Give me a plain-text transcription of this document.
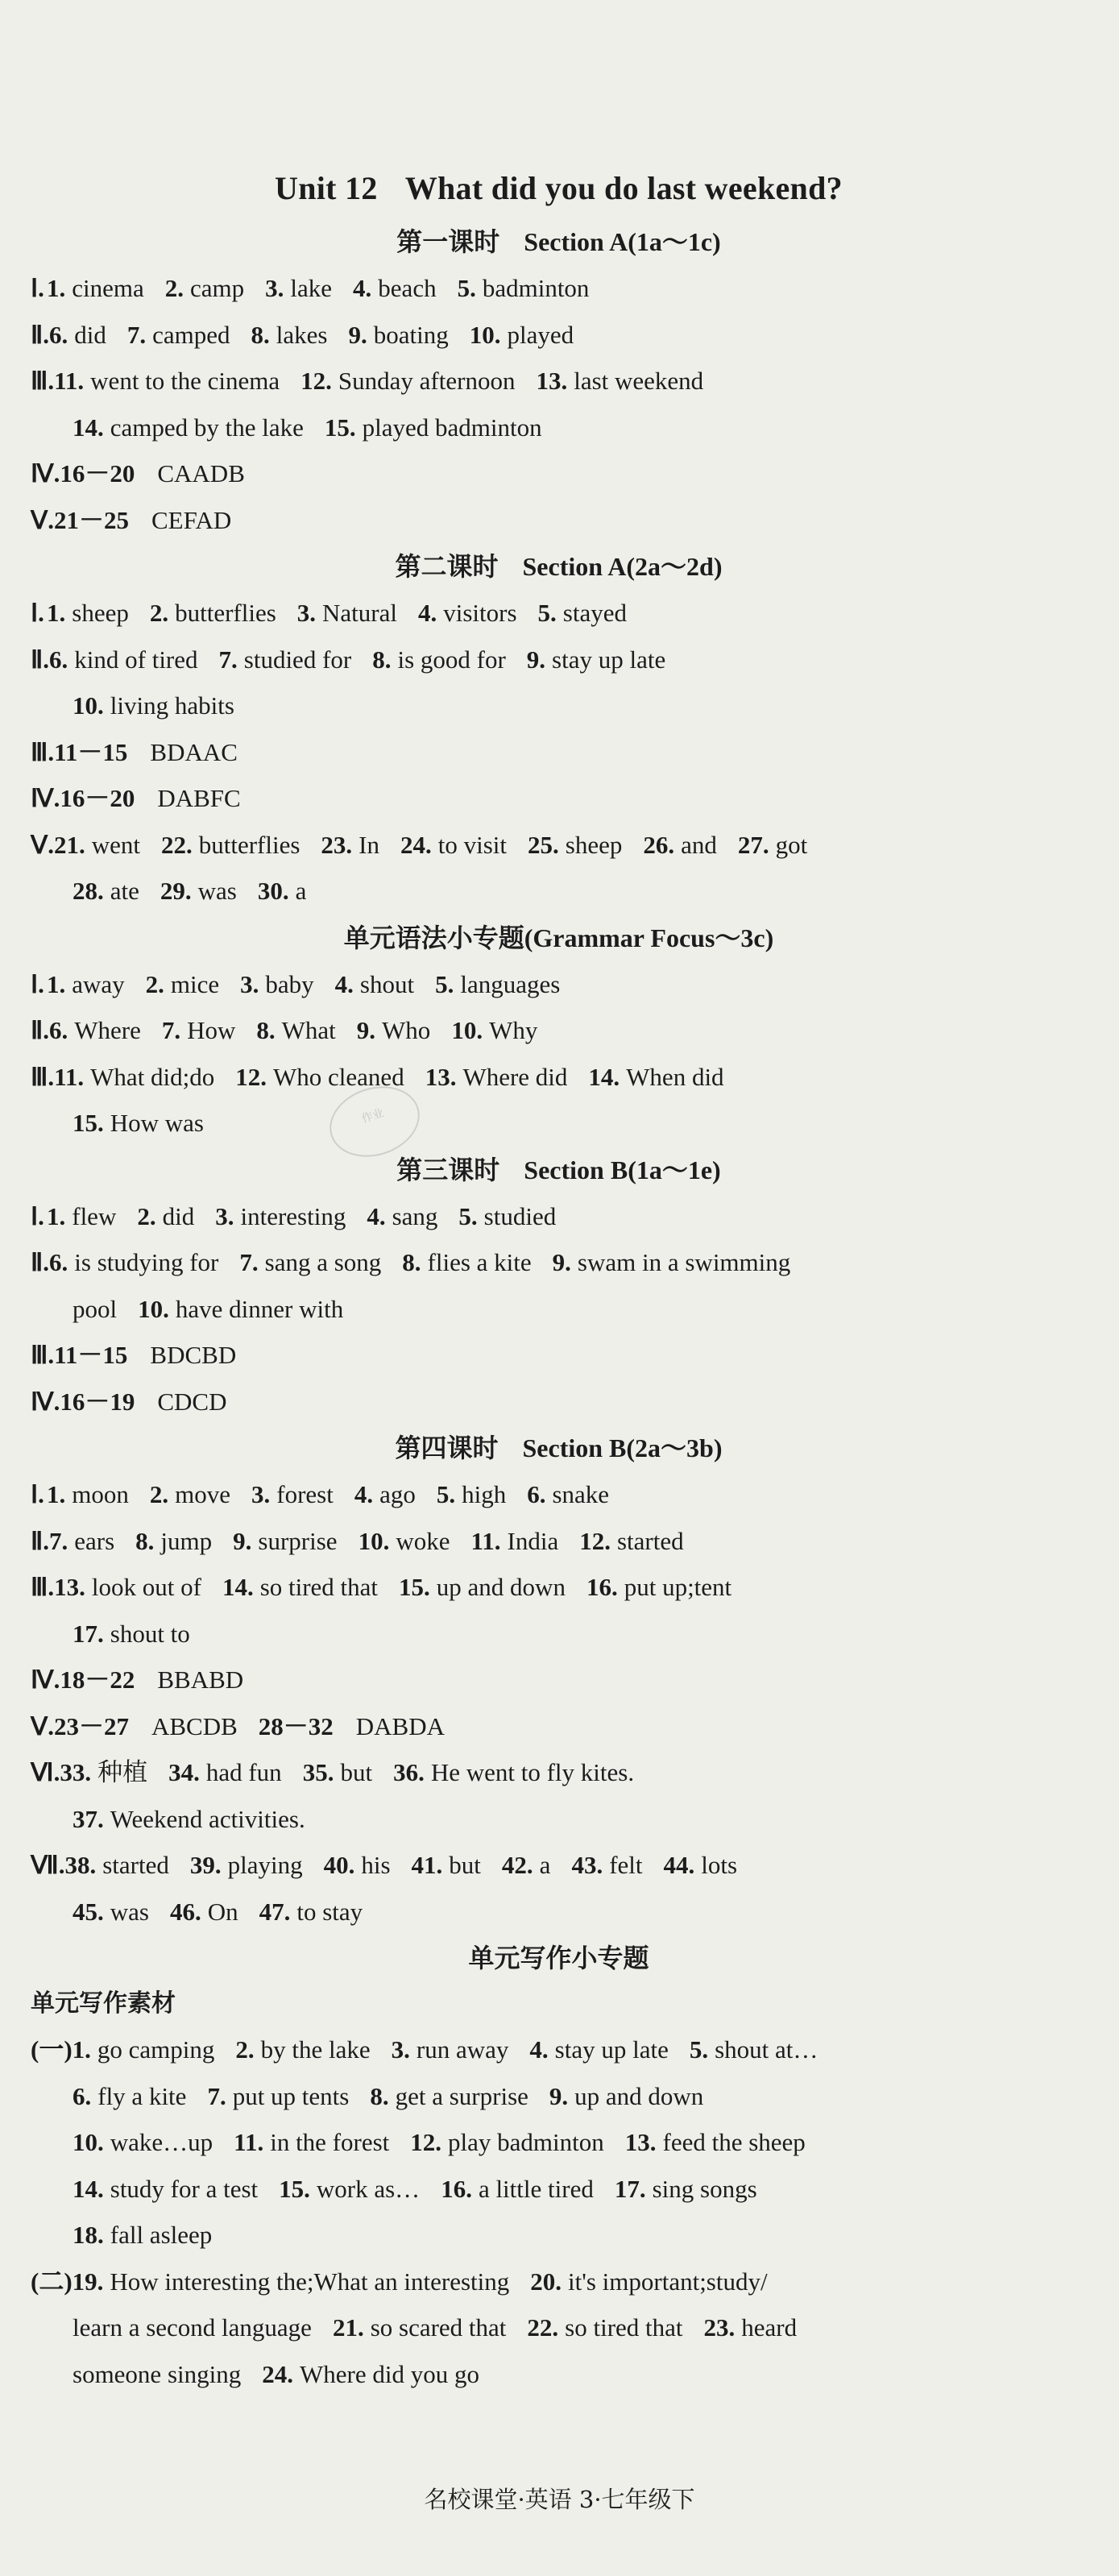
Unit 12 What did you do last weekend?
第一课时 Section A(1a～1c)
Ⅰ.1. cinema 2. camp 3. lake 4. beach 5. badminton
Ⅱ.6. did 7. camped 8. lakes 9. boating 10. played
Ⅲ.11. went to the cinema 12. Sunday afternoon 13. last weekend
14. camped by the lake 15. played badminton
Ⅳ.16－20 CAADB
Ⅴ.21－25 CEFAD
第二课时 Section A(2a～2d)
Ⅰ.1. sheep 2. butterflies 3. Natural 4. visitors 5. stayed
Ⅱ.6. kind of tired 7. studied for 8. is good for 9. stay up late
10. living habits
Ⅲ.11－15 BDAAC
Ⅳ.16－20 DABFC
Ⅴ.21. went 22. butterflies 23. In 24. to visit 25. sheep 26. and 27. got
28. ate 29. was 30. a
单元语法小专题(Grammar Focus～3c)
Ⅰ.1. away 2. mice 3. baby 4. shout 5. languages
Ⅱ.6. Where 7. How 8. What 9. Who 10. Why
Ⅲ.11. What did;do 12. Who cleaned 13. Where did 14. When did
15. How was
第三课时 Section B(1a～1e)
Ⅰ.1. flew 2. did 3. interesting 4. sang 5. studied
Ⅱ.6. is studying for 7. sang a song 8. flies a kite 9. swam in a swimming
pool 10. have dinner with
Ⅲ.11－15 BDCBD
Ⅳ.16－19 CDCD
第四课时 Section B(2a～3b)
Ⅰ.1. moon 2. move 3. forest 4. ago 5. high 6. snake
Ⅱ.7. ears 8. jump 9. surprise 10. woke 11. India 12. started
Ⅲ.13. look out of 14. so tired that 15. up and down 16. put up;tent
17. shout to
Ⅳ.18－22 BBABD
Ⅴ.23－27 ABCDB 28－32 DABDA
Ⅵ.33. 种植 34. had fun 35. but 36. He went to fly kites.
37. Weekend activities.
Ⅶ.38. started 39. playing 40. his 41. but 42. a 43. felt 44. lots
45. was 46. On 47. to stay
单元写作小专题
单元写作素材
(一)1. go camping 2. by the lake 3. run away 4. stay up late 5. shout at…
6. fly a kite 7. put up tents 8. get a surprise 9. up and down
10. wake…up 11. in the forest 12. play badminton 13. feed the sheep
14. study for a test 15. work as… 16. a little tired 17. sing songs
18. fall asleep
(二)19. How interesting the;What an interesting 20. it's important;study/
learn a second language 21. so scared that 22. so tired that 23. heard
someone singing 24. Where did you go

作业
名校课堂·英语 3·七年级下
